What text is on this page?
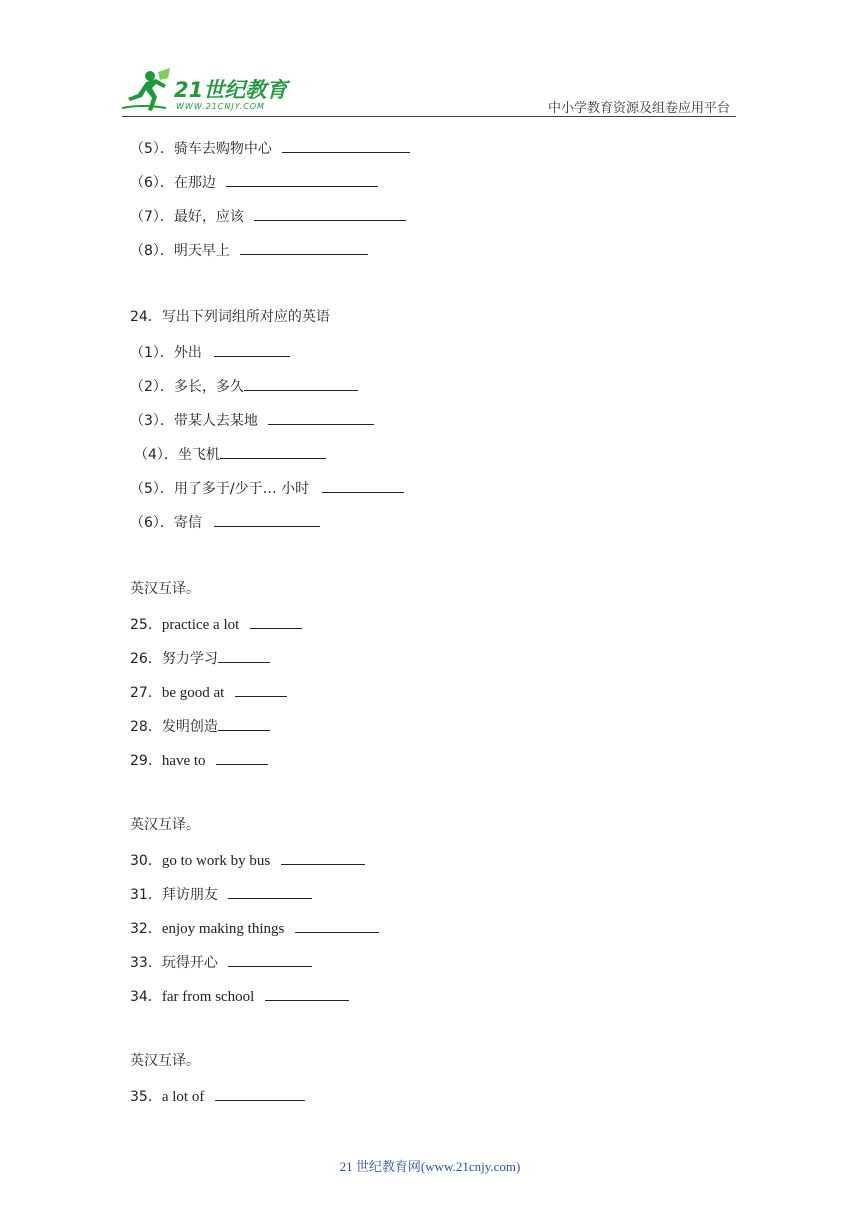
21世纪教育
WWW.21CNJY.COM	中小学教育资源及组卷应用平台
（5）．骑车去购物中心
（6）．在那边
（7）．最好，应该
（8）．明天早上
24．写出下列词组所对应的英语
（1）．外出
（2）．多长，多久
（3）．带某人去某地
（4）．坐飞机
（5）．用了多于/少于… 小时
（6）．寄信
英汉互译。
25．practice a lot
26．努力学习
27．be good at
28．发明创造
29．have to
英汉互译。
30．go to work by bus
31．拜访朋友
32．enjoy making things
33．玩得开心
34．far from school
英汉互译。
35．a lot of
21 世纪教育网(www.21cnjy.com)
